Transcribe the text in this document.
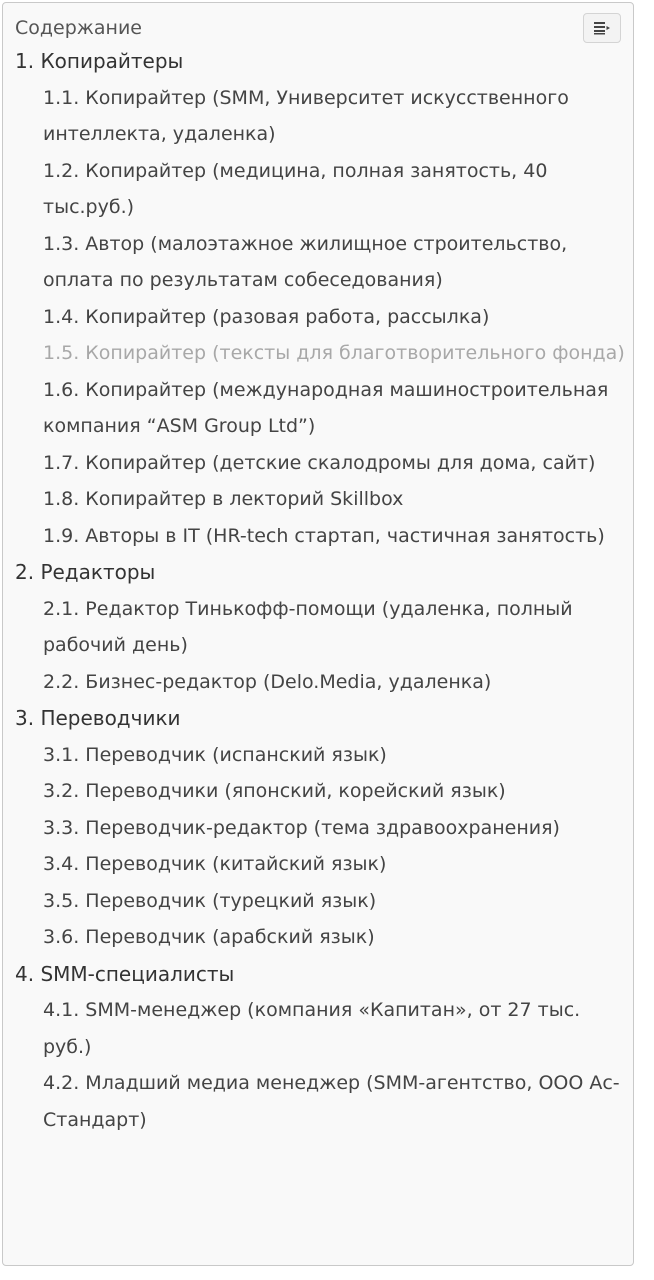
Содержание
1. Копирайтеры
1.1. Копирайтер (SMM, Университет искусственного интеллекта, удаленка)
1.2. Копирайтер (медицина, полная занятость, 40 тыс.руб.)
1.3. Автор (малоэтажное жилищное строительство, оплата по результатам собеседования)
1.4. Копирайтер (разовая работа, рассылка)
1.5. Копирайтер (тексты для благотворительного фонда)
1.6. Копирайтер (международная машиностроительная компания “ASM Group Ltd”)
1.7. Копирайтер (детские скалодромы для дома, сайт)
1.8. Копирайтер в лекторий Skillbox
1.9. Авторы в IT (HR-tech стартап, частичная занятость)
2. Редакторы
2.1. Редактор Тинькофф-помощи (удаленка, полный рабочий день)
2.2. Бизнес-редактор (Delo.Media, удаленка)
3. Переводчики
3.1. Переводчик (испанский язык)
3.2. Переводчики (японский, корейский язык)
3.3. Переводчик-редактор (тема здравоохранения)
3.4. Переводчик (китайский язык)
3.5. Переводчик (турецкий язык)
3.6. Переводчик (арабский язык)
4. SMM-специалисты
4.1. SMM-менеджер (компания «Капитан», от 27 тыс. руб.)
4.2. Младший медиа менеджер (SMM-агентство, ООО Ас-Стандарт)
